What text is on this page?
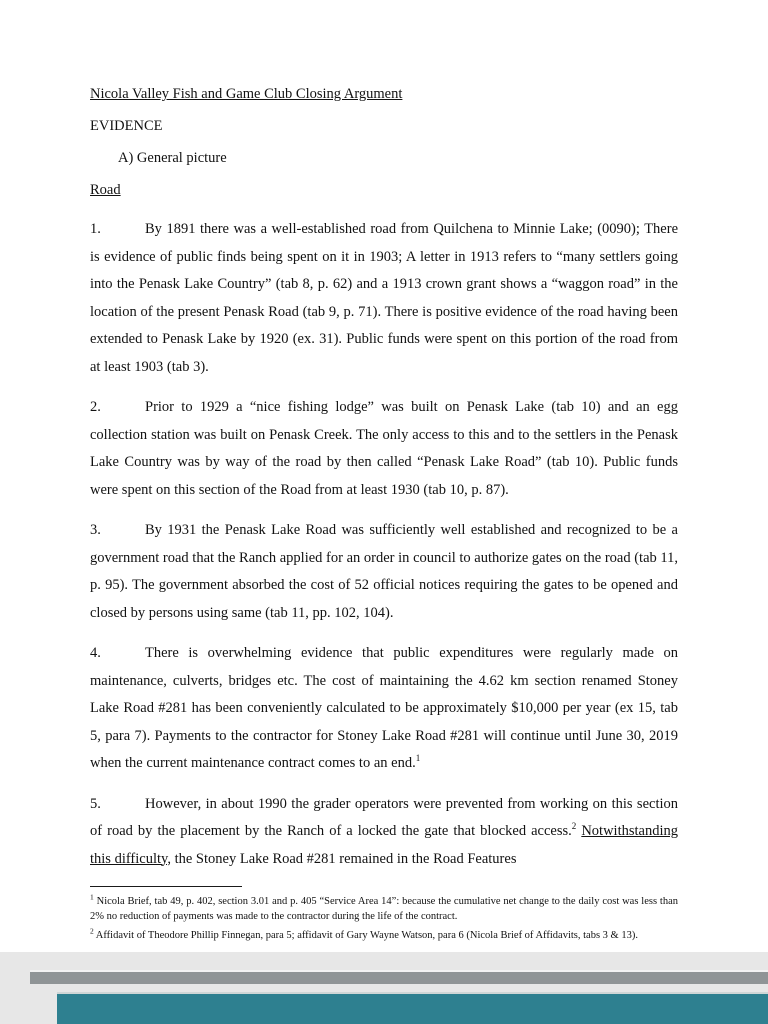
Nicola Valley Fish and Game Club Closing Argument
EVIDENCE
A) General picture
Road

1.	By 1891 there was a well-established road from Quilchena to Minnie Lake; (0090); There is evidence of public finds being spent on it in 1903; A letter in 1913 refers to “many settlers going into the Penask Lake Country” (tab 8, p. 62) and a 1913 crown grant shows a “waggon road” in the location of the present Penask Road (tab 9, p. 71). There is positive evidence of the road having been extended to Penask Lake by 1920 (ex. 31). Public funds were spent on this portion of the road from at least 1903 (tab 3).

2.	Prior to 1929 a “nice fishing lodge” was built on Penask Lake (tab 10) and an egg collection station was built on Penask Creek. The only access to this and to the settlers in the Penask Lake Country was by way of the road by then called “Penask Lake Road” (tab 10). Public funds were spent on this section of the Road from at least 1930 (tab 10, p. 87).

3.	By 1931 the Penask Lake Road was sufficiently well established and recognized to be a government road that the Ranch applied for an order in council to authorize gates on the road (tab 11, p. 95). The government absorbed the cost of 52 official notices requiring the gates to be opened and closed by persons using same (tab 11, pp. 102, 104).

4.	There is overwhelming evidence that public expenditures were regularly made on maintenance, culverts, bridges etc. The cost of maintaining the 4.62 km section renamed Stoney Lake Road #281 has been conveniently calculated to be approximately $10,000 per year (ex 15, tab 5, para 7). Payments to the contractor for Stoney Lake Road #281 will continue until June 30, 2019 when the current maintenance contract comes to an end.$^1$

5.	However, in about 1990 the grader operators were prevented from working on this section of road by the placement by the Ranch of a locked the gate that blocked access.$^2$ Notwithstanding this difficulty, the Stoney Lake Road #281 remained in the Road Features

$^1$ Nicola Brief, tab 49, p. 402, section 3.01 and p. 405 “Service Area 14”: because the cumulative net change to the daily cost was less than 2% no reduction of payments was made to the contractor during the life of the contract.

$^2$ Affidavit of Theodore Phillip Finnegan, para 5; affidavit of Gary Wayne Watson, para 6 (Nicola Brief of Affidavits, tabs 3 & 13).
